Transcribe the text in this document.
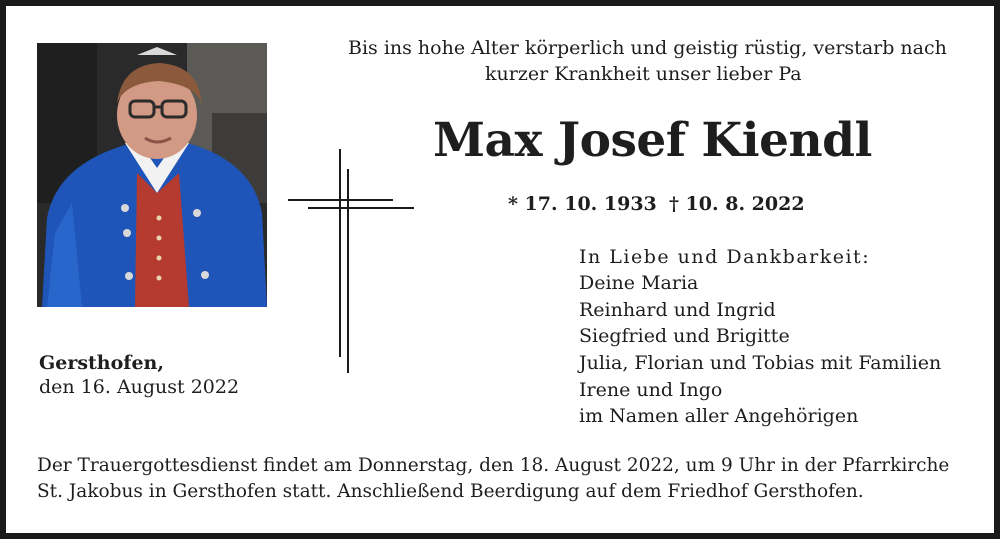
Bis ins hohe Alter körperlich und geistig rüstig, verstarb nach
kurzer Krankheit unser lieber Pa
Max Josef Kiendl
* 17. 10. 1933 † 10. 8. 2022
In Liebe und Dankbarkeit:
Deine Maria
Reinhard und Ingrid
Siegfried und Brigitte
Julia, Florian und Tobias mit Familien
Irene und Ingo
im Namen aller Angehörigen
Gersthofen,
den 16. August 2022
Der Trauergottesdienst findet am Donnerstag, den 18. August 2022, um 9 Uhr in der Pfarrkirche
St. Jakobus in Gersthofen statt. Anschließend Beerdigung auf dem Friedhof Gersthofen.
